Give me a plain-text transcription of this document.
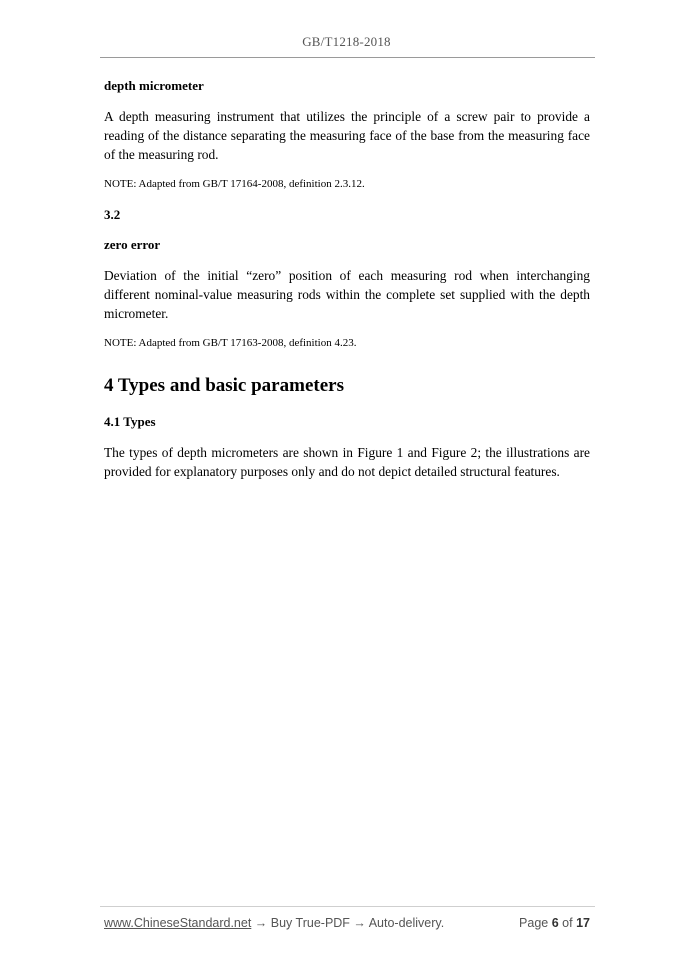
GB/T1218-2018
depth micrometer

A depth measuring instrument that utilizes the principle of a screw pair to provide a reading of the distance separating the measuring face of the base from the measuring face of the measuring rod.

NOTE: Adapted from GB/T 17164-2008, definition 2.3.12.
3.2
zero error

Deviation of the initial “zero” position of each measuring rod when interchanging different nominal-value measuring rods within the complete set supplied with the depth micrometer.

NOTE: Adapted from GB/T 17163-2008, definition 4.23.
4 Types and basic parameters
4.1 Types

The types of depth micrometers are shown in Figure 1 and Figure 2; the illustrations are provided for explanatory purposes only and do not depict detailed structural features.

www.ChineseStandard.net → Buy True-PDF → Auto-delivery.	Page 6 of 17
